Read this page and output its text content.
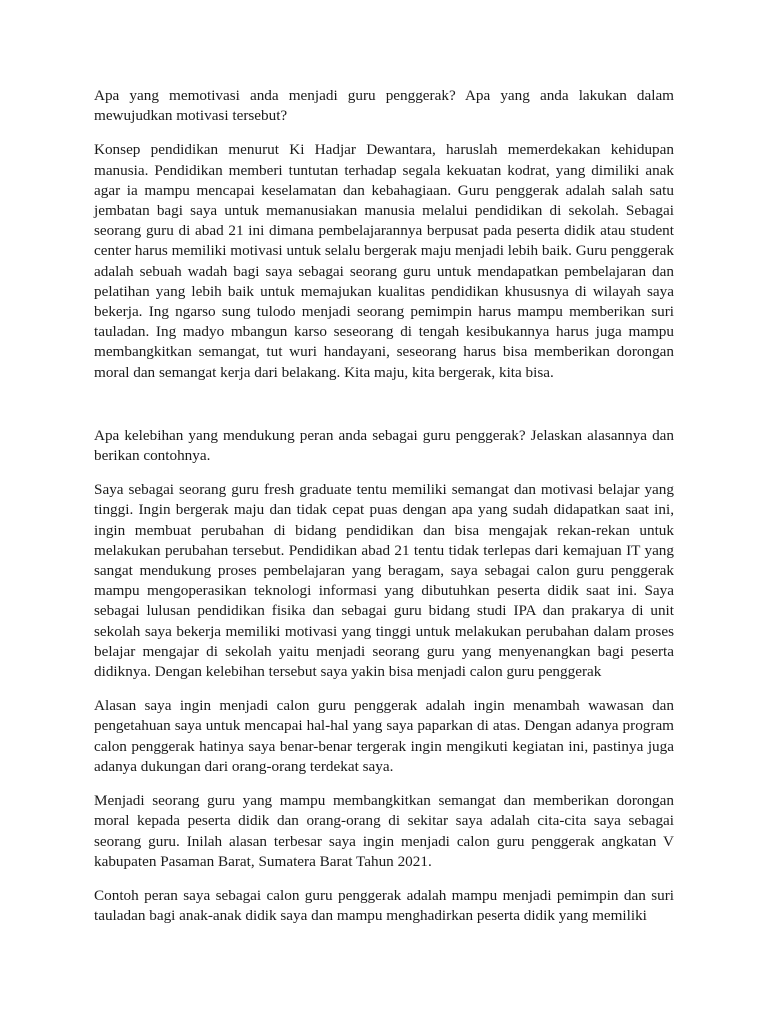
Apa yang memotivasi anda menjadi guru penggerak? Apa yang anda lakukan dalam mewujudkan motivasi tersebut?

Konsep pendidikan menurut Ki Hadjar Dewantara, haruslah memerdekakan kehidupan manusia. Pendidikan memberi tuntutan terhadap segala kekuatan kodrat, yang dimiliki anak agar ia mampu mencapai keselamatan dan kebahagiaan. Guru penggerak adalah salah satu jembatan bagi saya untuk memanusiakan manusia melalui pendidikan di sekolah. Sebagai seorang guru di abad 21 ini dimana pembelajarannya berpusat pada peserta didik atau student center harus memiliki motivasi untuk selalu bergerak maju menjadi lebih baik. Guru penggerak adalah sebuah wadah bagi saya sebagai seorang guru untuk mendapatkan pembelajaran dan pelatihan yang lebih baik untuk memajukan kualitas pendidikan khususnya di wilayah saya bekerja. Ing ngarso sung tulodo menjadi seorang pemimpin harus mampu memberikan suri tauladan. Ing madyo mbangun karso seseorang di tengah kesibukannya harus juga mampu membangkitkan semangat, tut wuri handayani, seseorang harus bisa memberikan dorongan moral dan semangat kerja dari belakang. Kita maju, kita bergerak, kita bisa.

Apa kelebihan yang mendukung peran anda sebagai guru penggerak? Jelaskan alasannya dan berikan contohnya.

Saya sebagai seorang guru fresh graduate tentu memiliki semangat dan motivasi belajar yang tinggi. Ingin bergerak maju dan tidak cepat puas dengan apa yang sudah didapatkan saat ini, ingin membuat perubahan di bidang pendidikan dan bisa mengajak rekan-rekan untuk melakukan perubahan tersebut. Pendidikan abad 21 tentu tidak terlepas dari kemajuan IT yang sangat mendukung proses pembelajaran yang beragam, saya sebagai calon guru penggerak mampu mengoperasikan teknologi informasi yang dibutuhkan peserta didik saat ini. Saya sebagai lulusan pendidikan fisika dan sebagai guru bidang studi IPA dan prakarya di unit sekolah saya bekerja memiliki motivasi yang tinggi untuk melakukan perubahan dalam proses belajar mengajar di sekolah yaitu menjadi seorang guru yang menyenangkan bagi peserta didiknya. Dengan kelebihan tersebut saya yakin bisa menjadi calon guru penggerak

Alasan saya ingin menjadi calon guru penggerak adalah ingin menambah wawasan dan pengetahuan saya untuk mencapai hal-hal yang saya paparkan di atas. Dengan adanya program calon penggerak hatinya saya benar-benar tergerak ingin mengikuti kegiatan ini, pastinya juga adanya dukungan dari orang-orang terdekat saya.

Menjadi seorang guru yang mampu membangkitkan semangat dan memberikan dorongan moral kepada peserta didik dan orang-orang di sekitar saya adalah cita-cita saya sebagai seorang guru. Inilah alasan terbesar saya ingin menjadi calon guru penggerak angkatan V kabupaten Pasaman Barat, Sumatera Barat Tahun 2021.

Contoh peran saya sebagai calon guru penggerak adalah mampu menjadi pemimpin dan suri tauladan bagi anak-anak didik saya dan mampu menghadirkan peserta didik yang memiliki
